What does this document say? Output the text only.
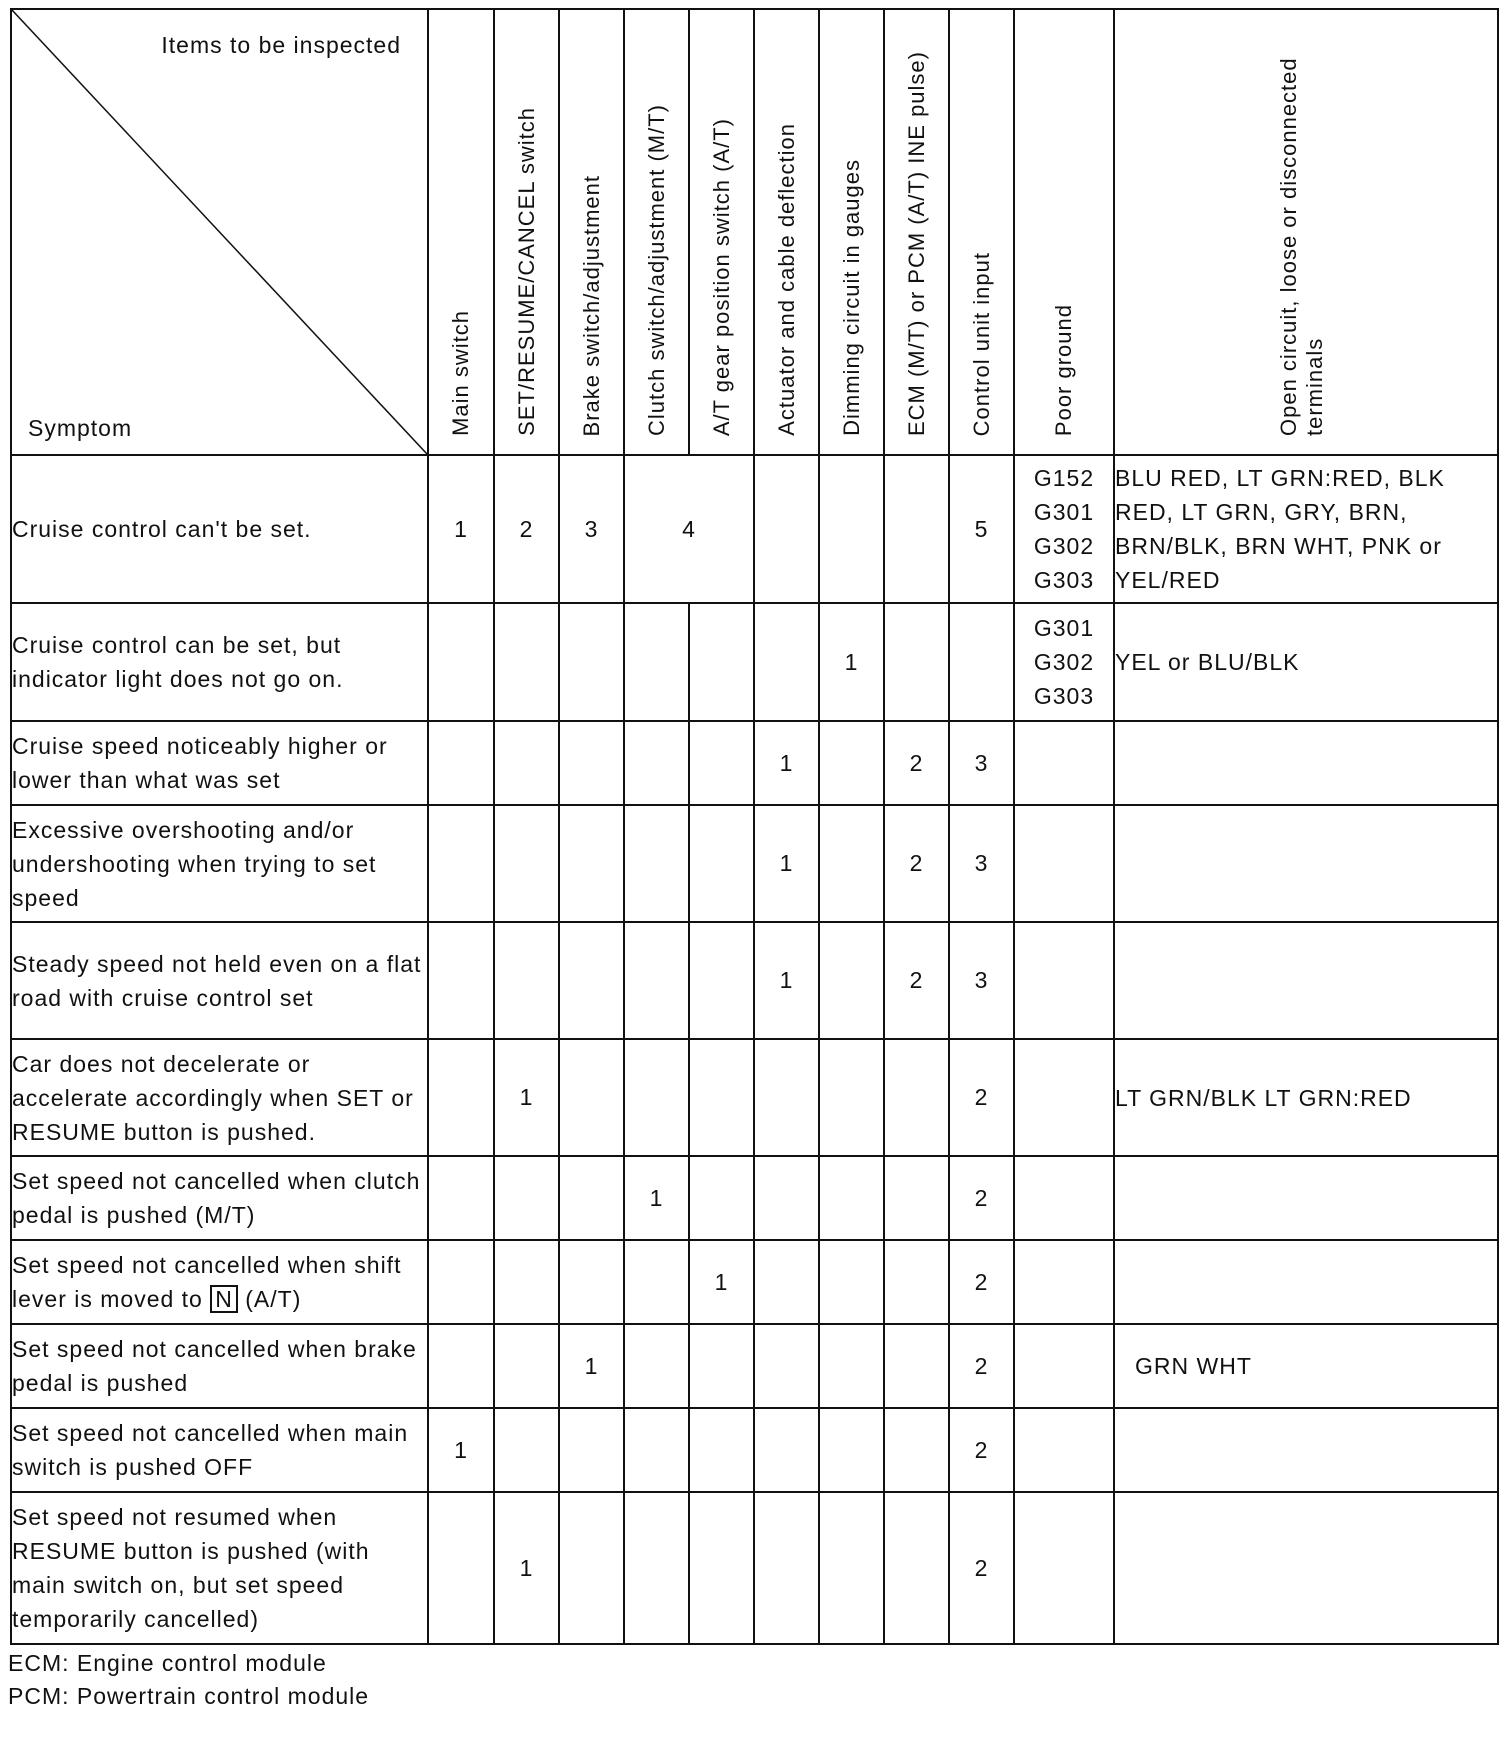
Items to be inspected
Symptom	Main switch	SET/RESUME/CANCEL switch	Brake switch/adjustment	Clutch switch/adjustment (M/T)	A/T gear position switch (A/T)	Actuator and cable deflection	Dimming circuit in gauges	ECM (M/T) or PCM (A/T) INE pulse)	Control unit input	Poor ground	Open circuit, loose or disconnected terminals

Cruise control can't be set.	1	2	3	4					5	G152 G301 G302 G303	BLU RED, LT GRN:RED, BLK RED, LT GRN, GRY, BRN, BRN/BLK, BRN WHT, PNK or YEL/RED
Cruise control can be set, but indicator light does not go on.							1			G301 G302 G303	YEL or BLU/BLK
Cruise speed noticeably higher or lower than what was set						1		2	3		
Excessive overshooting and/or undershooting when trying to set speed						1		2	3		
Steady speed not held even on a flat road with cruise control set						1		2	3		
Car does not decelerate or accelerate accordingly when SET or RESUME button is pushed.		1							2		LT GRN/BLK LT GRN:RED
Set speed not cancelled when clutch pedal is pushed (M/T)				1					2		
Set speed not cancelled when shift lever is moved to N (A/T)					1				2		
Set speed not cancelled when brake pedal is pushed			1						2		GRN WHT
Set speed not cancelled when main switch is pushed OFF	1								2		
Set speed not resumed when RESUME button is pushed (with main switch on, but set speed temporarily cancelled)		1							2		
ECM: Engine control module
PCM: Powertrain control module
